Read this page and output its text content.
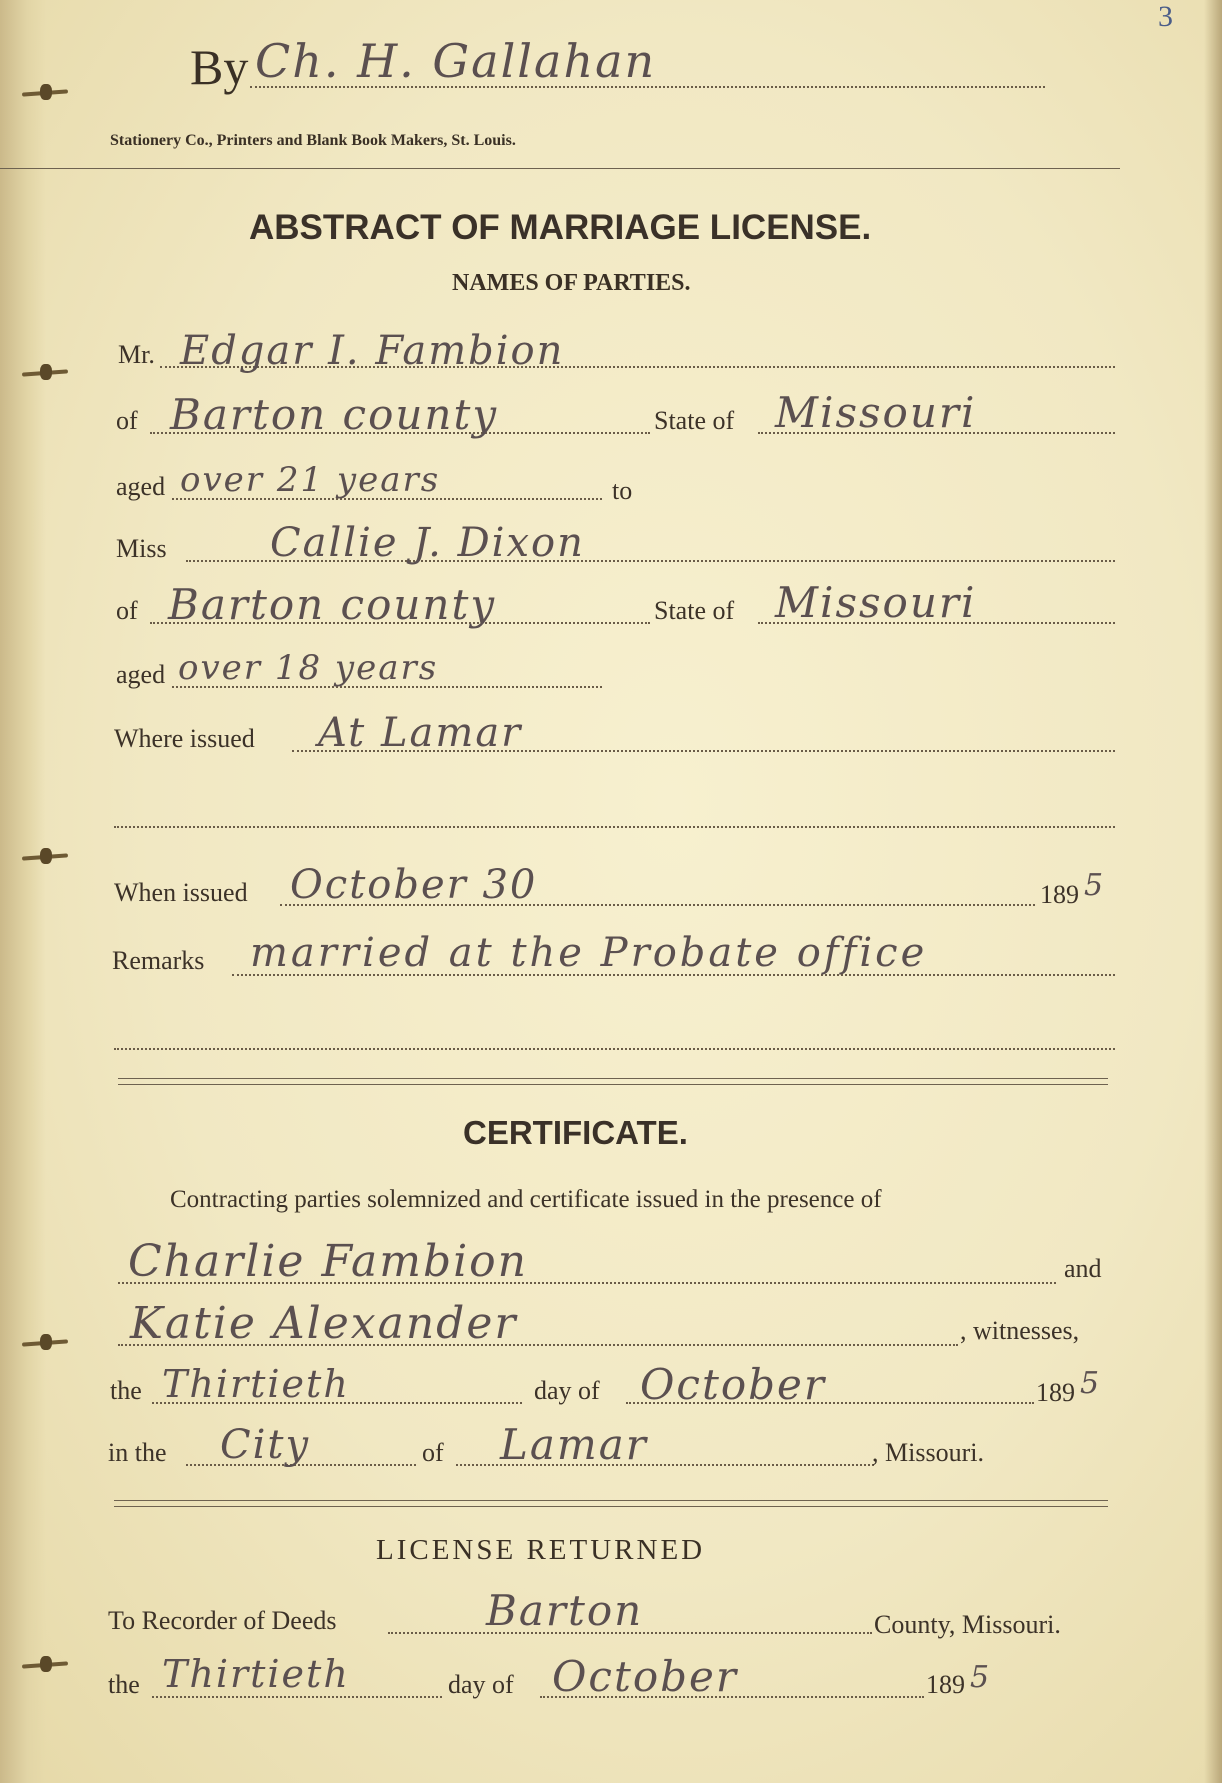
3
By Ch. H. Gallahan
Stationery Co., Printers and Blank Book Makers, St. Louis.
ABSTRACT OF MARRIAGE LICENSE.
NAMES OF PARTIES.
Mr. Edgar I. Fambion
of Barton county	State of Missouri
aged over 21 years	to
Miss	Callie J. Dixon
of Barton county	State of Missouri
aged over 18 years
Where issued At Lamar
When issued October 30	189 5
Remarks married at the Probate office
CERTIFICATE.
Contracting parties solemnized and certificate issued in the presence of
Charlie Fambion	and
Katie Alexander	, witnesses,
the Thirtieth	day of October	189 5
in the City	of Lamar	, Missouri.
LICENSE RETURNED
To Recorder of Deeds	Barton	County, Missouri.
the Thirtieth	day of October	189 5
